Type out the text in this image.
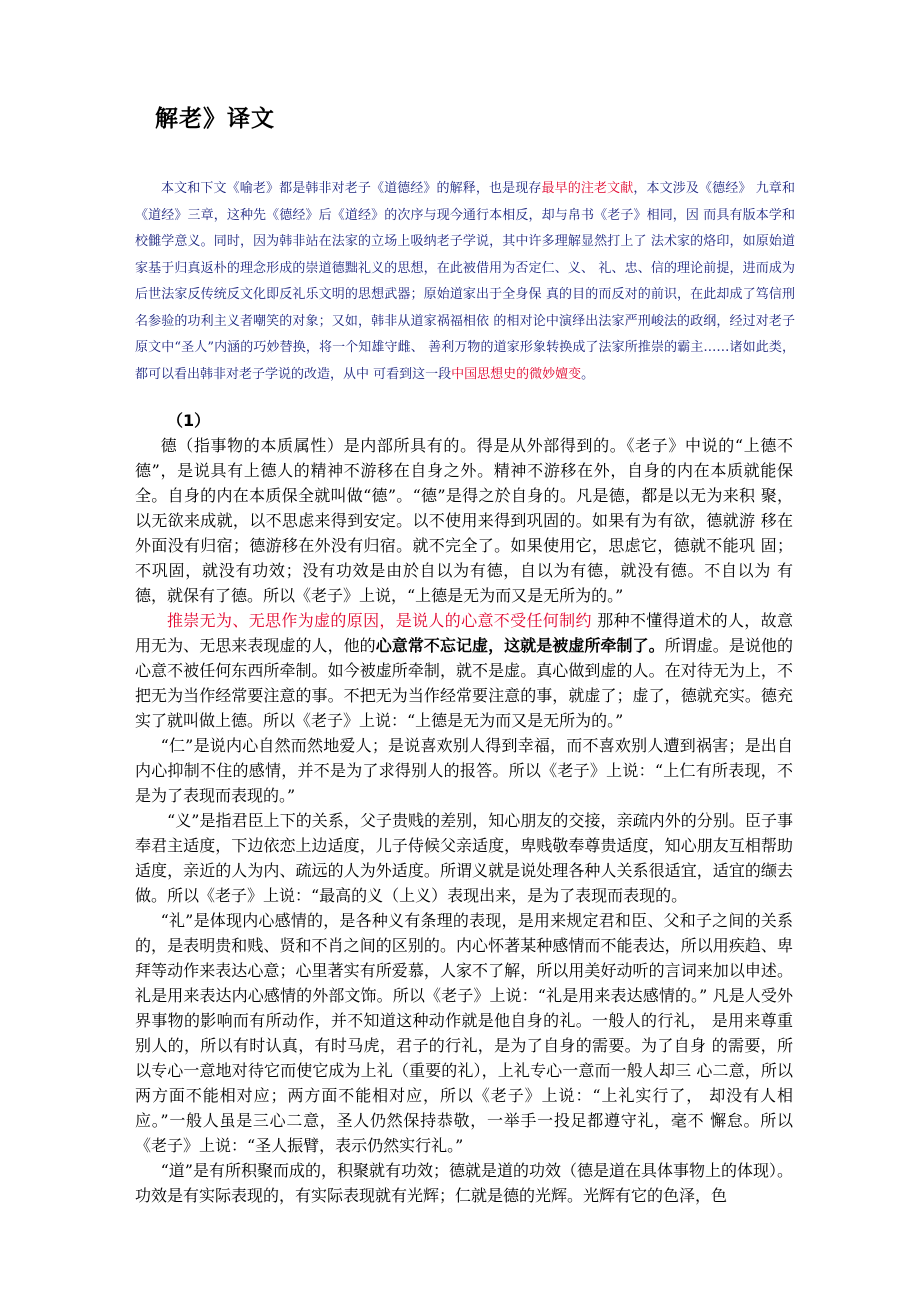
解老》译文
本文和下文《喻老》都是韩非对老子《道德经》的解释，也是现存最早的注老文献，本文涉及《德经》 九章和《道经》三章，这种先《德经》后《道经》的次序与现今通行本相反，却与帛书《老子》相同，因 而具有版本学和校雠学意义。同时，因为韩非站在法家的立场上吸纳老子学说，其中许多理解显然打上了 法术家的烙印，如原始道家基于归真返朴的理念形成的崇道德黜礼义的思想，在此被借用为否定仁、义、 礼、忠、信的理论前提，进而成为后世法家反传统反文化即反礼乐文明的思想武器；原始道家出于全身保 真的目的而反对的前识，在此却成了笃信刑名参验的功利主义者嘲笑的对象；又如，韩非从道家祸福相依 的相对论中演绎出法家严刑峻法的政纲，经过对老子原文中“圣人”内涵的巧妙替换，将一个知雄守雌、 善利万物的道家形象转换成了法家所推崇的霸主……诸如此类，都可以看出韩非对老子学说的改造，从中 可看到这一段中国思想史的微妙嬗变。

（1）

德（指事物的本质属性）是内部所具有的。得是从外部得到的。《老子》中说的“上德不德”，是说具有上德人的精神不游移在自身之外。精神不游移在外，自身的内在本质就能保全。自身的内在本质保全就叫做“德”。“德”是得之於自身的。凡是德，都是以无为来积 聚，以无欲来成就，以不思虑来得到安定。以不使用来得到巩固的。如果有为有欲，德就游 移在外面没有归宿；德游移在外没有归宿。就不完全了。如果使用它，思虑它，德就不能巩 固；不巩固，就没有功效；没有功效是由於自以为有德，自以为有德，就没有德。不自以为 有德，就保有了德。所以《老子》上说，“上德是无为而又是无所为的。”

推崇无为、无思作为虚的原因，是说人的心意不受任何制约 那种不懂得道术的人，故意用无为、无思来表现虚的人，他的心意常不忘记虚，这就是被虚所牵制了。所谓虚。是说他的心意不被任何东西所牵制。如今被虚所牵制，就不是虚。真心做到虚的人。在对待无为上，不把无为当作经常要注意的事。不把无为当作经常要注意的事，就虚了；虚了，德就充实。德充实了就叫做上德。所以《老子》上说：“上德是无为而又是无所为的。”

“仁”是说内心自然而然地爱人；是说喜欢别人得到幸福，而不喜欢别人遭到祸害；是出自内心抑制不住的感情，并不是为了求得别人的报答。所以《老子》上说：“上仁有所表现，不是为了表现而表现的。”

“义”是指君臣上下的关系，父子贵贱的差别，知心朋友的交接，亲疏内外的分别。臣子事奉君主适度，下边依恋上边适度，儿子侍候父亲适度，卑贱敬奉尊贵适度，知心朋友互相帮助适度，亲近的人为内、疏远的人为外适度。所谓义就是说处理各种人关系很适宜，适宜的缬去做。所以《老子》上说：“最高的义（上义）表现出来，是为了表现而表现的。

“礼”是体现内心感情的，是各种义有条理的表现，是用来规定君和臣、父和子之间的关系的，是表明贵和贱、贤和不肖之间的区别的。内心怀著某种感情而不能表达，所以用疾趋、卑拜等动作来表达心意；心里著实有所爱慕，人家不了解，所以用美好动听的言词来加以申述。礼是用来表达内心感情的外部文饰。所以《老子》上说：“礼是用来表达感情的。” 凡是人受外界事物的影响而有所动作，并不知道这种动作就是他自身的礼。一般人的行礼， 是用来尊重别人的，所以有时认真，有时马虎，君子的行礼，是为了自身的需要。为了自身 的需要，所以专心一意地对待它而使它成为上礼（重要的礼），上礼专心一意而一般人却三 心二意，所以两方面不能相对应；两方面不能相对应，所以《老子》上说：“上礼实行了， 却没有人相应。”一般人虽是三心二意，圣人仍然保持恭敬，一举手一投足都遵守礼，毫不 懈怠。所以《老子》上说：“圣人振臂，表示仍然实行礼。”

“道”是有所积聚而成的，积聚就有功效；德就是道的功效（德是道在具体事物上的体现）。功效是有实际表现的，有实际表现就有光辉；仁就是德的光辉。光辉有它的色泽，色
